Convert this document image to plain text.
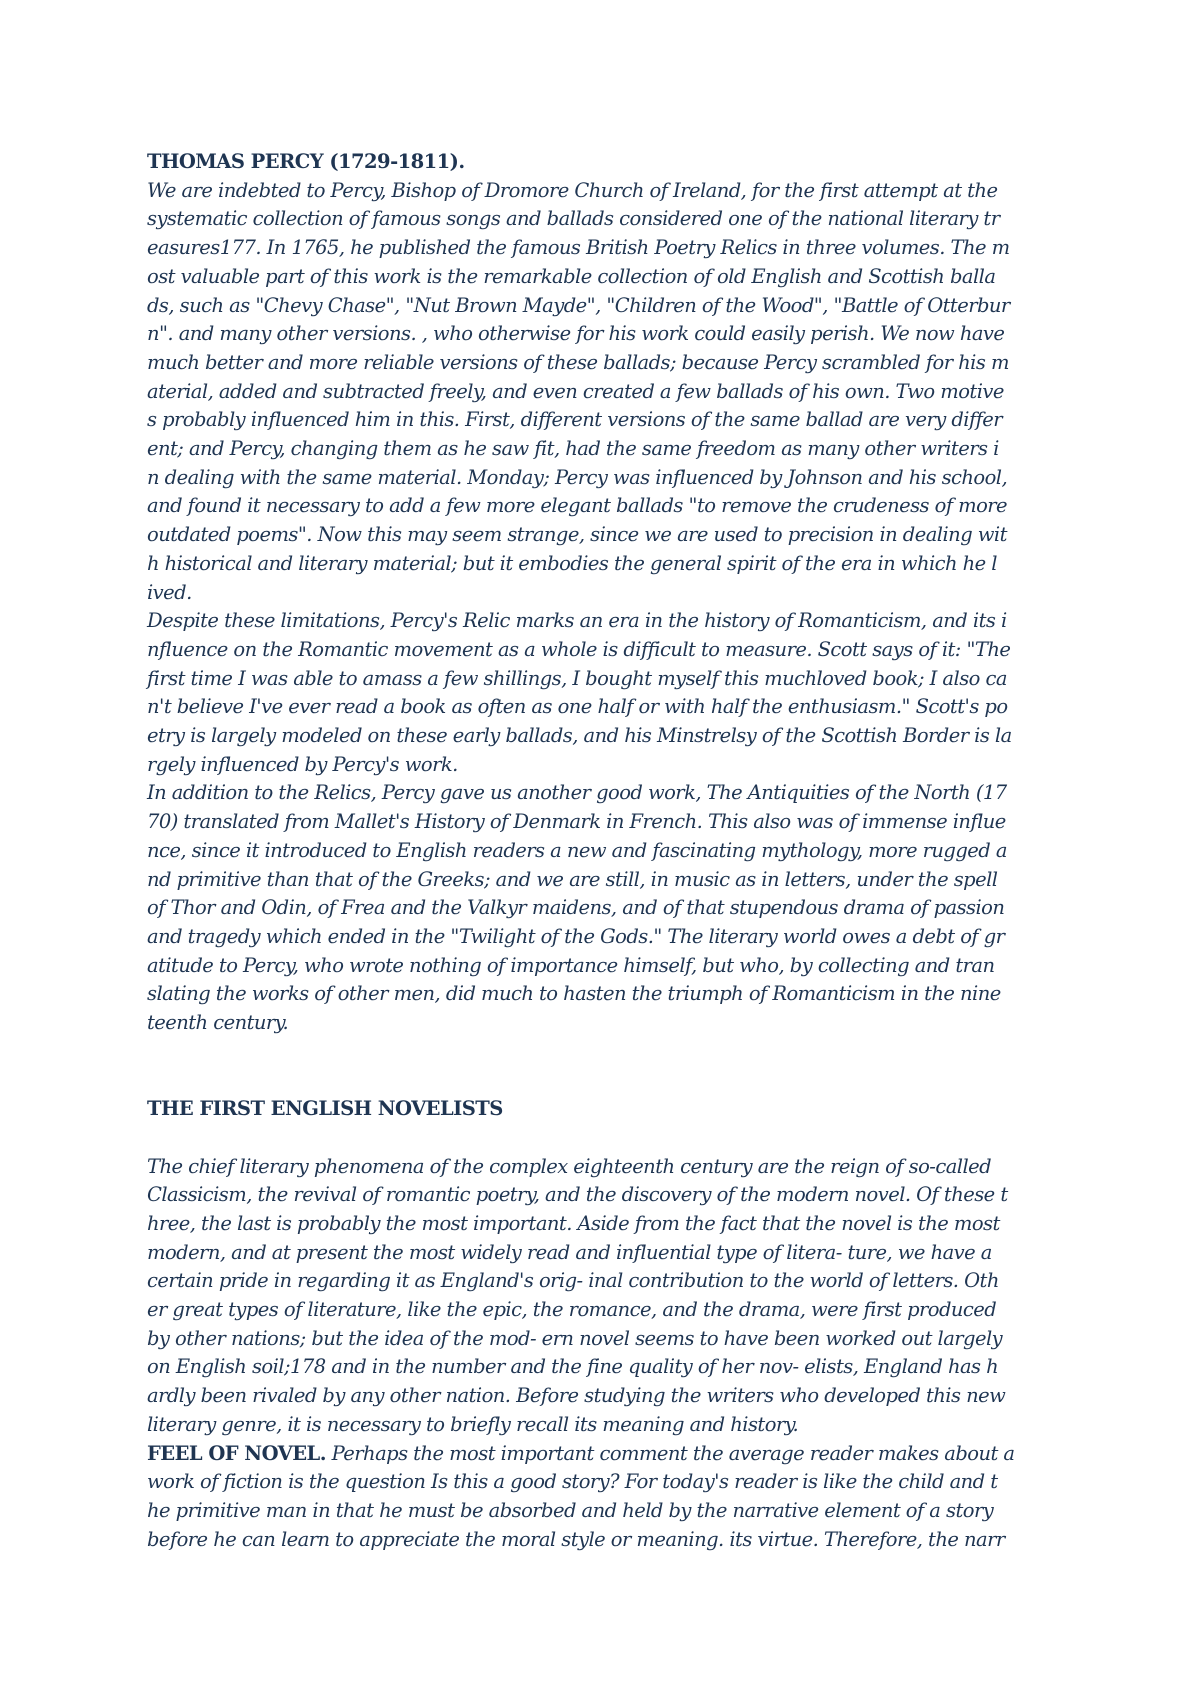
THOMAS PERCY (1729-1811).
We are indebted to Percy, Bishop of Dromore Church of Ireland, for the first attempt at the
systematic collection of famous songs and ballads considered one of the national literary tr
easures177. In 1765, he published the famous British Poetry Relics in three volumes. The m
ost valuable part of this work is the remarkable collection of old English and Scottish balla
ds, such as "Chevy Chase", "Nut Brown Mayde", "Children of the Wood", "Battle of Otterbur
n". and many other versions. , who otherwise for his work could easily perish. We now have
much better and more reliable versions of these ballads; because Percy scrambled for his m
aterial, added and subtracted freely, and even created a few ballads of his own. Two motive
s probably influenced him in this. First, different versions of the same ballad are very differ
ent; and Percy, changing them as he saw fit, had the same freedom as many other writers i
n dealing with the same material. Monday; Percy was influenced by Johnson and his school,
and found it necessary to add a few more elegant ballads "to remove the crudeness of more
outdated poems". Now this may seem strange, since we are used to precision in dealing wit
h historical and literary material; but it embodies the general spirit of the era in which he l
ived.
Despite these limitations, Percy's Relic marks an era in the history of Romanticism, and its i
nfluence on the Romantic movement as a whole is difficult to measure. Scott says of it: "The
first time I was able to amass a few shillings, I bought myself this muchloved book; I also ca
n't believe I've ever read a book as often as one half or with half the enthusiasm." Scott's po
etry is largely modeled on these early ballads, and his Minstrelsy of the Scottish Border is la
rgely influenced by Percy's work.
In addition to the Relics, Percy gave us another good work, The Antiquities of the North (17
70) translated from Mallet's History of Denmark in French. This also was of immense influe
nce, since it introduced to English readers a new and fascinating mythology, more rugged a
nd primitive than that of the Greeks; and we are still, in music as in letters, under the spell
of Thor and Odin, of Frea and the Valkyr maidens, and of that stupendous drama of passion
and tragedy which ended in the "Twilight of the Gods." The literary world owes a debt of gr
atitude to Percy, who wrote nothing of importance himself, but who, by collecting and tran
slating the works of other men, did much to hasten the triumph of Romanticism in the nine
teenth century.
THE FIRST ENGLISH NOVELISTS
The chief literary phenomena of the complex eighteenth century are the reign of so-called
Classicism, the revival of romantic poetry, and the discovery of the modern novel. Of these t
hree, the last is probably the most important. Aside from the fact that the novel is the most
modern, and at present the most widely read and influential type of litera- ture, we have a
certain pride in regarding it as England's orig- inal contribution to the world of letters. Oth
er great types of literature, like the epic, the romance, and the drama, were first produced
by other nations; but the idea of the mod- ern novel seems to have been worked out largely
on English soil;178 and in the number and the fine quality of her nov- elists, England has h
ardly been rivaled by any other nation. Before studying the writers who developed this new
literary genre, it is necessary to briefly recall its meaning and history.
FEEL OF NOVEL. Perhaps the most important comment the average reader makes about a
work of fiction is the question Is this a good story? For today's reader is like the child and t
he primitive man in that he must be absorbed and held by the narrative element of a story
before he can learn to appreciate the moral style or meaning. its virtue. Therefore, the narr
